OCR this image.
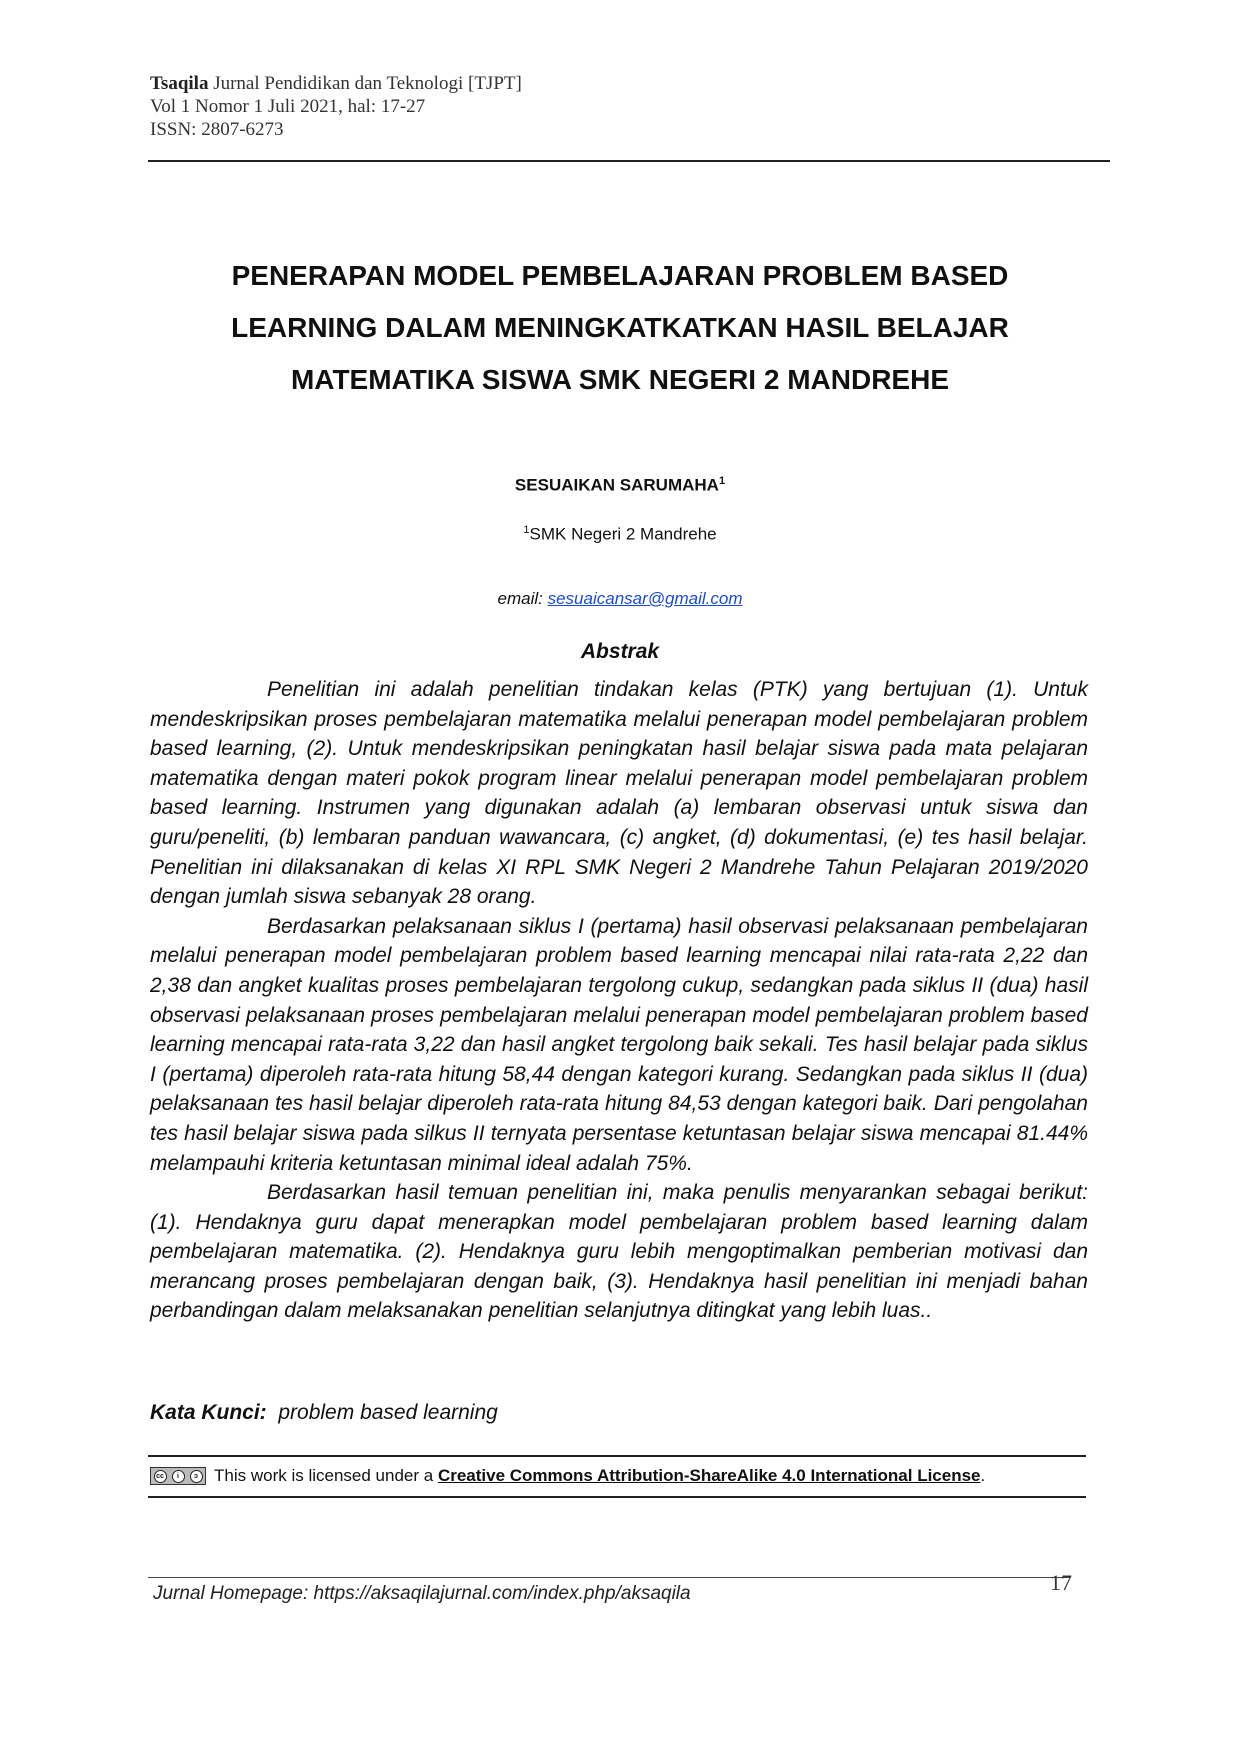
Tsaqila Jurnal Pendidikan dan Teknologi [TJPT]
Vol 1 Nomor 1 Juli 2021, hal: 17-27
ISSN: 2807-6273
PENERAPAN MODEL PEMBELAJARAN PROBLEM BASED
LEARNING DALAM MENINGKATKATKAN HASIL BELAJAR
MATEMATIKA SISWA SMK NEGERI 2 MANDREHE
SESUAIKAN SARUMAHA$^1$
$^1$SMK Negeri 2 Mandrehe
email: sesuaicansar@gmail.com
Abstrak

Penelitian ini adalah penelitian tindakan kelas (PTK) yang bertujuan (1). Untuk mendeskripsikan proses pembelajaran matematika melalui penerapan model pembelajaran problem based learning, (2). Untuk mendeskripsikan peningkatan hasil belajar siswa pada mata pelajaran matematika dengan materi pokok program linear melalui penerapan model pembelajaran problem based learning. Instrumen yang digunakan adalah (a) lembaran observasi untuk siswa dan guru/peneliti, (b) lembaran panduan wawancara, (c) angket, (d) dokumentasi, (e) tes hasil belajar. Penelitian ini dilaksanakan di kelas XI RPL SMK Negeri 2 Mandrehe Tahun Pelajaran 2019/2020 dengan jumlah siswa sebanyak 28 orang.

Berdasarkan pelaksanaan siklus I (pertama) hasil observasi pelaksanaan pembelajaran melalui penerapan model pembelajaran problem based learning mencapai nilai rata-rata 2,22 dan 2,38 dan angket kualitas proses pembelajaran tergolong cukup, sedangkan pada siklus II (dua) hasil observasi pelaksanaan proses pembelajaran melalui penerapan model pembelajaran problem based learning mencapai rata-rata 3,22 dan hasil angket tergolong baik sekali. Tes hasil belajar pada siklus I (pertama) diperoleh rata-rata hitung 58,44 dengan kategori kurang. Sedangkan pada siklus II (dua) pelaksanaan tes hasil belajar diperoleh rata-rata hitung 84,53 dengan kategori baik. Dari pengolahan tes hasil belajar siswa pada silkus II ternyata persentase ketuntasan belajar siswa mencapai 81.44% melampauhi kriteria ketuntasan minimal ideal adalah 75%.

Berdasarkan hasil temuan penelitian ini, maka penulis menyarankan sebagai berikut: (1). Hendaknya guru dapat menerapkan model pembelajaran problem based learning dalam pembelajaran matematika. (2). Hendaknya guru lebih mengoptimalkan pemberian motivasi dan merancang proses pembelajaran dengan baik, (3). Hendaknya hasil penelitian ini menjadi bahan perbandingan dalam melaksanakan penelitian selanjutnya ditingkat yang lebih luas..

Kata Kunci: problem based learning
cc	i	ↄ This work is licensed under a
Creative Commons Attribution-ShareAlike 4.0 International License .
Jurnal Homepage: https://aksaqilajurnal.com/index.php/aksaqila	17
